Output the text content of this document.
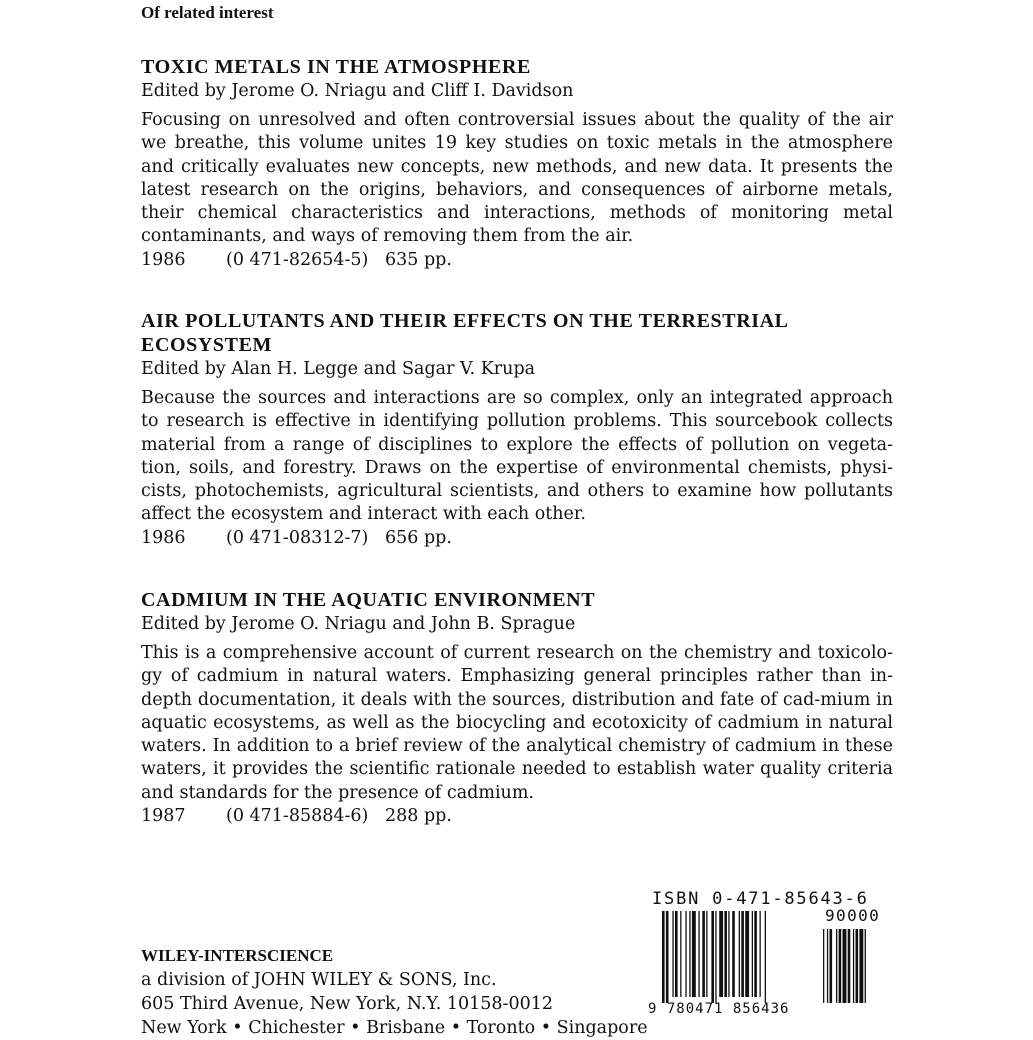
Of related interest
TOXIC METALS IN THE ATMOSPHERE
Edited by Jerome O. Nriagu and Cliff I. Davidson
Focusing on unresolved and often controversial issues about the quality of the air we breathe, this volume unites 19 key studies on toxic metals in the atmosphere and critically evaluates new concepts, new methods, and new data. It presents the latest research on the origins, behaviors, and consequences of airborne metals, their chemical characteristics and interactions, methods of monitoring metal contaminants, and ways of removing them from the air.
1986 (0 471-82654-5) 635 pp.
AIR POLLUTANTS AND THEIR EFFECTS ON THE TERRESTRIAL ECOSYSTEM
Edited by Alan H. Legge and Sagar V. Krupa
Because the sources and interactions are so complex, only an integrated approach to research is effective in identifying pollution problems. This sourcebook collects material from a range of disciplines to explore the effects of pollution on vegeta-tion, soils, and forestry. Draws on the expertise of environmental chemists, physi-cists, photochemists, agricultural scientists, and others to examine how pollutants affect the ecosystem and interact with each other.
1986 (0 471-08312-7) 656 pp.
CADMIUM IN THE AQUATIC ENVIRONMENT
Edited by Jerome O. Nriagu and John B. Sprague
This is a comprehensive account of current research on the chemistry and toxicolo-gy of cadmium in natural waters. Emphasizing general principles rather than in-depth documentation, it deals with the sources, distribution and fate of cad-mium in aquatic ecosystems, as well as the biocycling and ecotoxicity of cadmium in natural waters. In addition to a brief review of the analytical chemistry of cadmium in these waters, it provides the scientific rationale needed to establish water quality criteria and standards for the presence of cadmium.
1987 (0 471-85884-6) 288 pp.
WILEY-INTERSCIENCE
a division of JOHN WILEY & SONS, Inc.
605 Third Avenue, New York, N.Y. 10158-0012
New York • Chichester • Brisbane • Toronto • Singapore
ISBN 0-471-85643-6
90000
9 780471 856436
